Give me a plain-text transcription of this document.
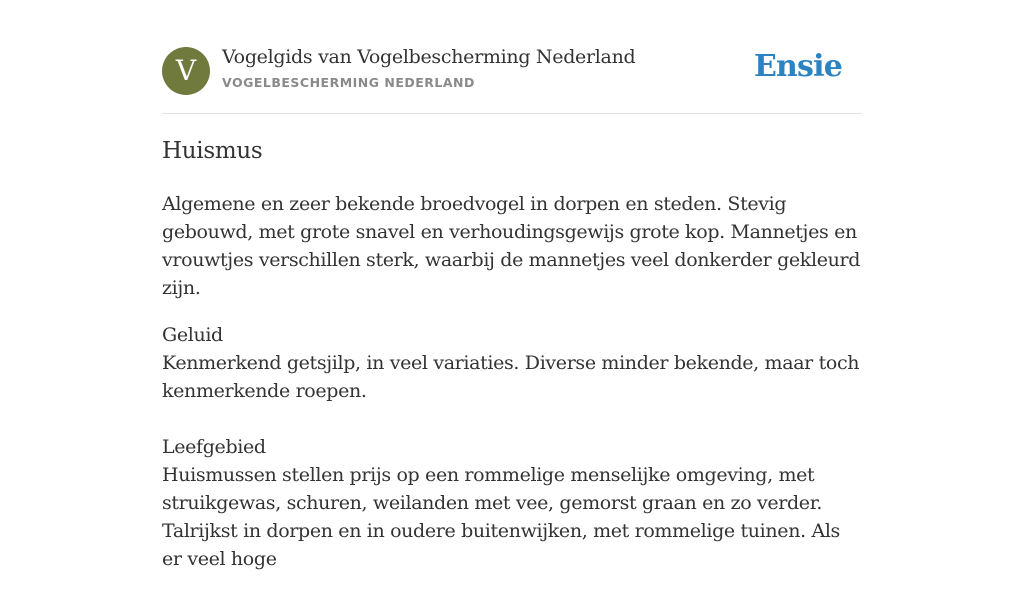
V	Vogelgids van Vogelbescherming Nederland
VOGELBESCHERMING NEDERLAND	Ensie
Huismus

Algemene en zeer bekende broedvogel in dorpen en steden. Stevig gebouwd, met grote snavel en verhoudingsgewijs grote kop. Mannetjes en vrouwtjes verschillen sterk, waarbij de mannetjes veel donkerder gekleurd zijn.

Geluid
Kenmerkend getsjilp, in veel variaties. Diverse minder bekende, maar toch kenmerkende roepen.

Leefgebied
Huismussen stellen prijs op een rommelige menselijke omgeving, met struikgewas, schuren, weilanden met vee, gemorst graan en zo verder. Talrijkst in dorpen en in oudere buitenwijken, met rommelige tuinen. Als er veel hoge
